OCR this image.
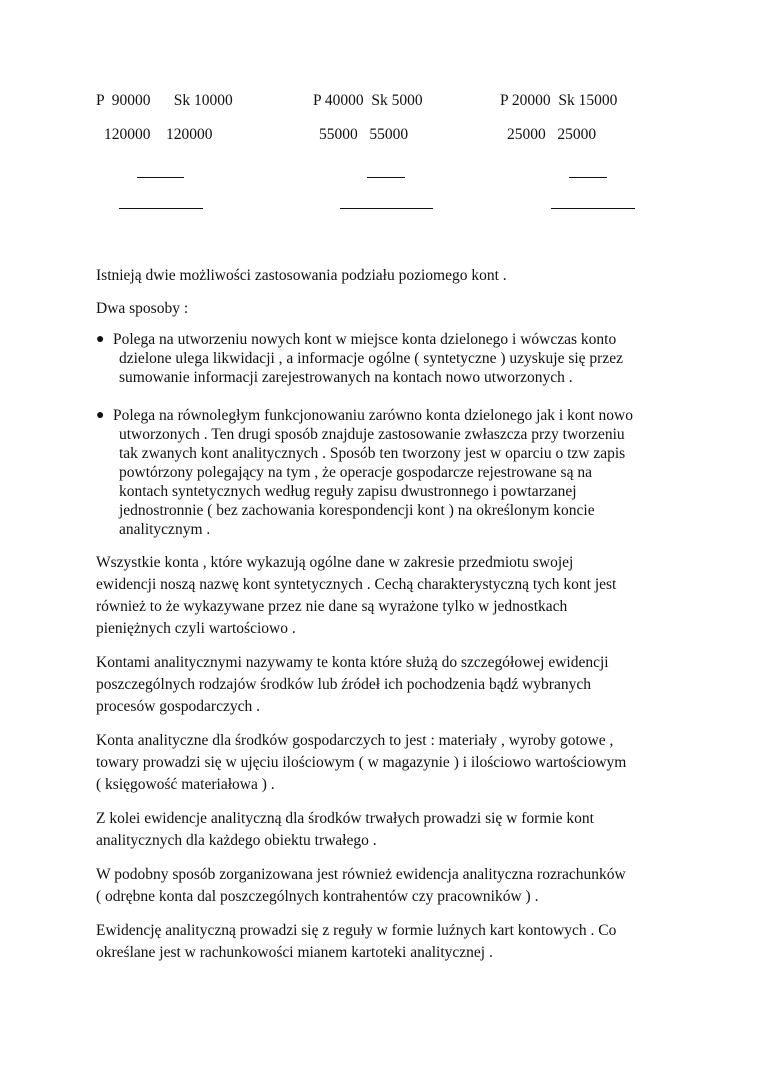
P  90000      Sk 10000
120000    120000
P 40000  Sk 5000
55000   55000
P 20000  Sk 15000
25000   25000

Istnieją dwie możliwości zastosowania podziału poziomego kont .

Dwa sposoby :

● Polega na utworzeniu nowych kont w miejsce konta dzielonego i wówczas konto
dzielone ulega likwidacji , a informacje ogólne ( syntetyczne ) uzyskuje się przez
sumowanie informacji zarejestrowanych na kontach nowo utworzonych .
● Polega na równoległym funkcjonowaniu zarówno konta dzielonego jak i kont nowo
utworzonych . Ten drugi sposób znajduje zastosowanie zwłaszcza przy tworzeniu
tak zwanych kont analitycznych . Sposób ten tworzony jest w oparciu o tzw zapis
powtórzony polegający na tym , że operacje gospodarcze rejestrowane są na
kontach syntetycznych według reguły zapisu dwustronnego i powtarzanej
jednostronnie ( bez zachowania korespondencji kont ) na określonym koncie
analitycznym .

Wszystkie konta , które wykazują ogólne dane w zakresie przedmiotu swojej

ewidencji noszą nazwę kont syntetycznych . Cechą charakterystyczną tych kont jest

również to że wykazywane przez nie dane są wyrażone tylko w jednostkach

pieniężnych czyli wartościowo .

Kontami analitycznymi nazywamy te konta które służą do szczegółowej ewidencji

poszczególnych rodzajów środków lub źródeł ich pochodzenia bądź wybranych

procesów gospodarczych .

Konta analityczne dla środków gospodarczych to jest : materiały , wyroby gotowe ,

towary prowadzi się w ujęciu ilościowym ( w magazynie ) i ilościowo wartościowym

( księgowość materiałowa ) .

Z kolei ewidencje analityczną dla środków trwałych prowadzi się w formie kont

analitycznych dla każdego obiektu trwałego .

W podobny sposób zorganizowana jest również ewidencja analityczna rozrachunków

( odrębne konta dal poszczególnych kontrahentów czy pracowników ) .

Ewidencję analityczną prowadzi się z reguły w formie luźnych kart kontowych . Co

określane jest w rachunkowości mianem kartoteki analitycznej .
